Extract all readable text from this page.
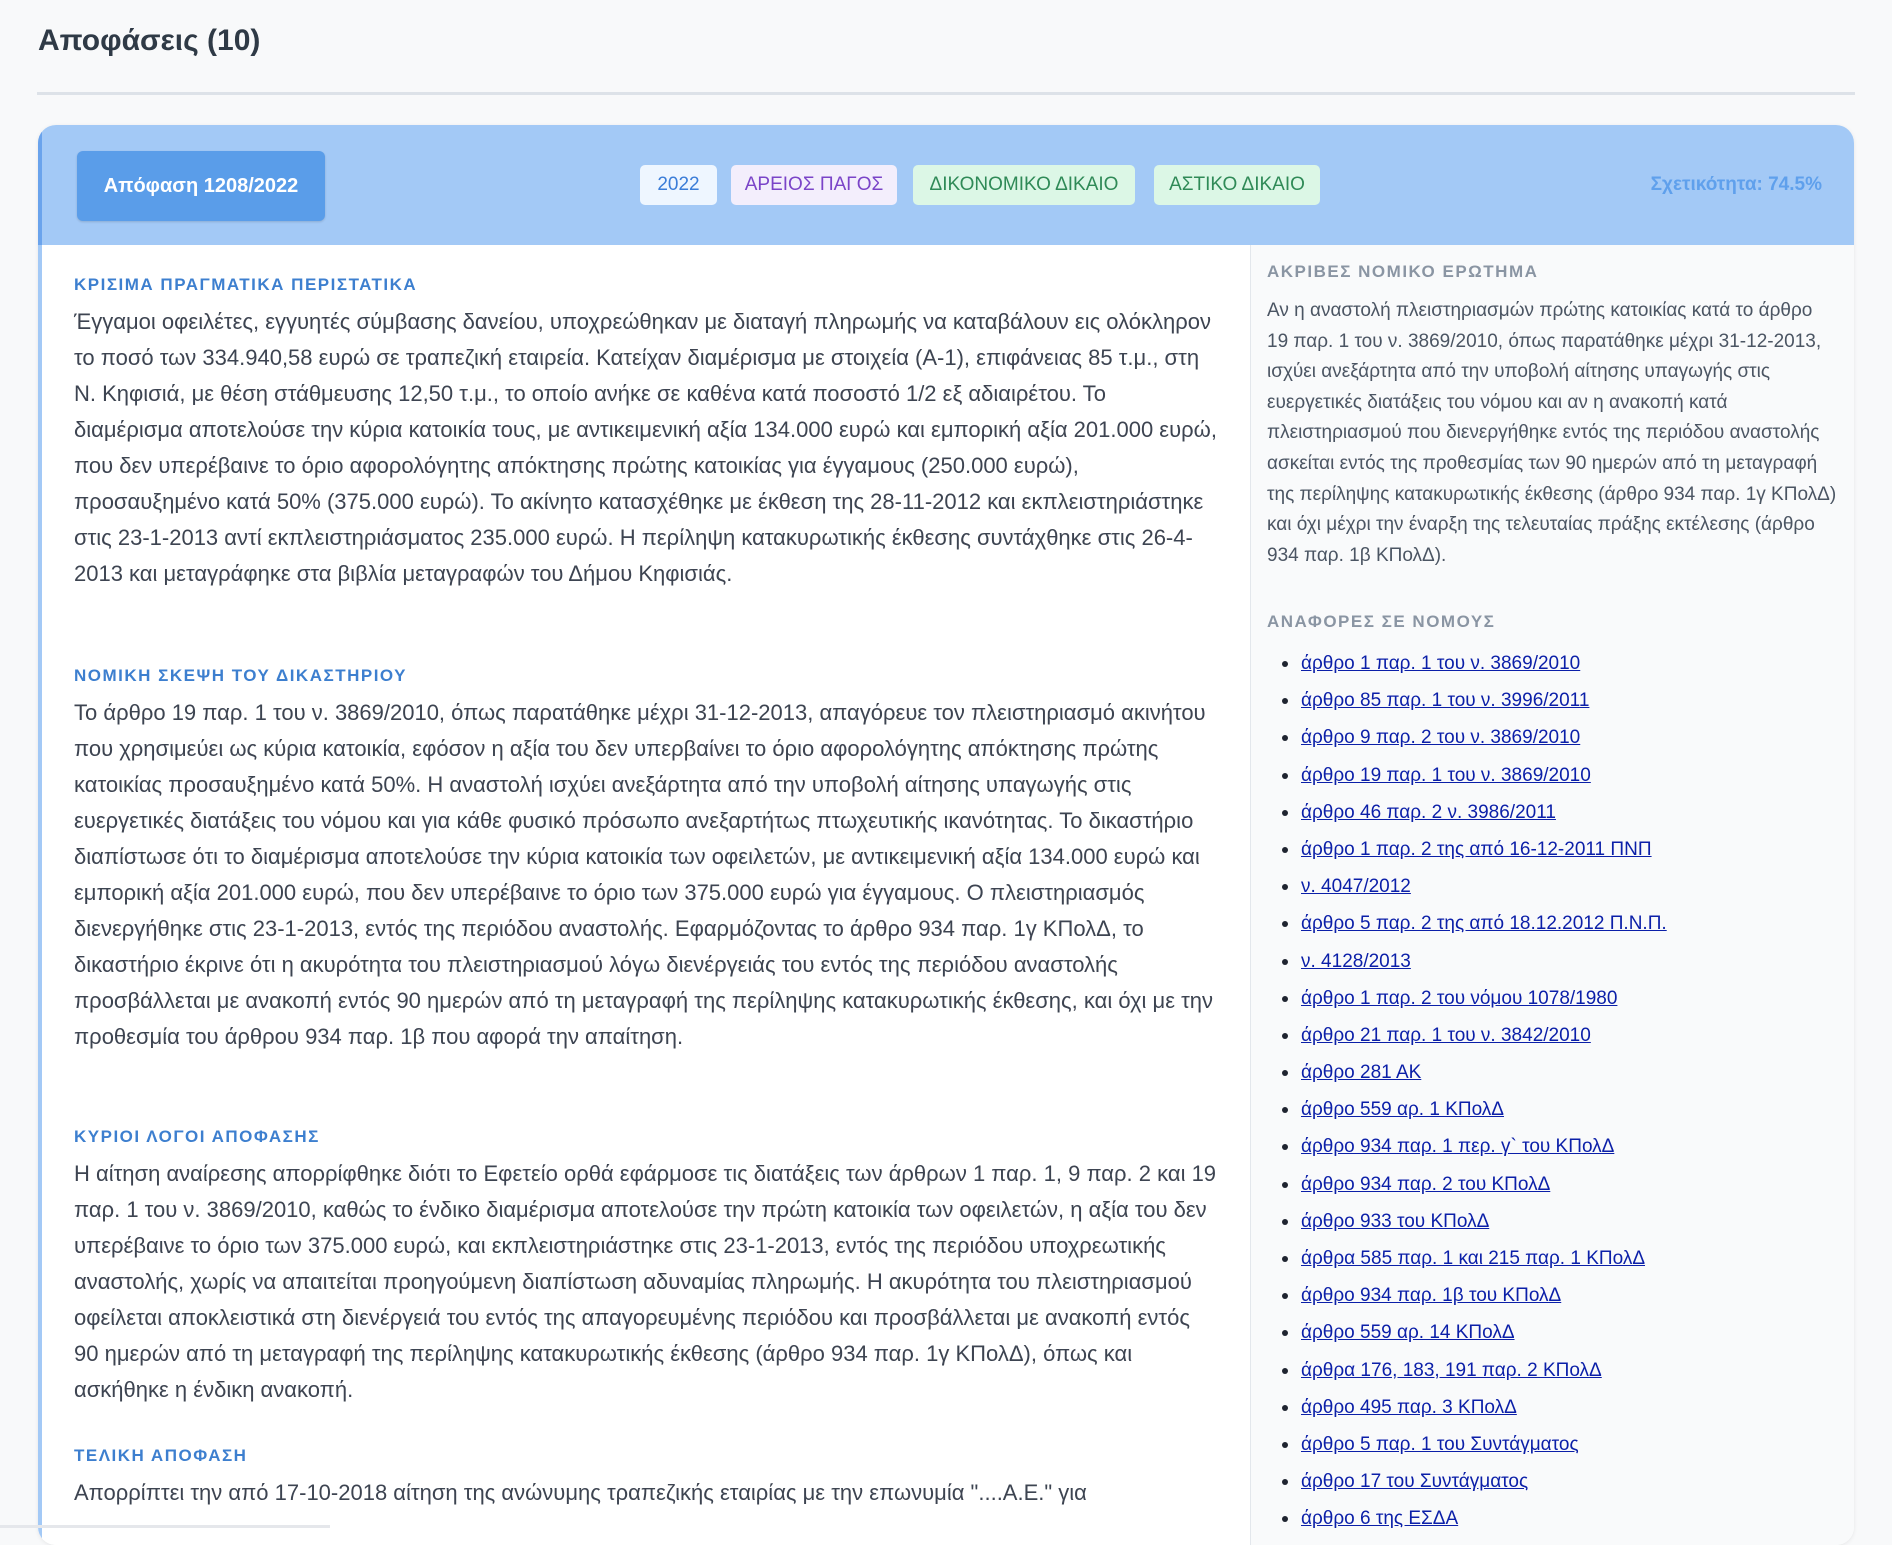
Αποφάσεις (10)
Απόφαση 1208/2022	2022	ΑΡΕΙΟΣ ΠΑΓΟΣ	ΔΙΚΟΝΟΜΙΚΟ ΔΙΚΑΙΟ	ΑΣΤΙΚΟ ΔΙΚΑΙΟ	Σχετικότητα: 74.5%
ΚΡΙΣΙΜΑ ΠΡΑΓΜΑΤΙΚΑ ΠΕΡΙΣΤΑΤΙΚΑ

Έγγαμοι οφειλέτες, εγγυητές σύμβασης δανείου, υποχρεώθηκαν με διαταγή πληρωμής να καταβάλουν εις ολόκληρον το ποσό των 334.940,58 ευρώ σε τραπεζική εταιρεία. Κατείχαν διαμέρισμα με στοιχεία (Α-1), επιφάνειας 85 τ.μ., στη Ν. Κηφισιά, με θέση στάθμευσης 12,50 τ.μ., το οποίο ανήκε σε καθένα κατά ποσοστό 1/2 εξ αδιαιρέτου. Το διαμέρισμα αποτελούσε την κύρια κατοικία τους, με αντικειμενική αξία 134.000 ευρώ και εμπορική αξία 201.000 ευρώ, που δεν υπερέβαινε το όριο αφορολόγητης απόκτησης πρώτης κατοικίας για έγγαμους (250.000 ευρώ), προσαυξημένο κατά 50% (375.000 ευρώ). Το ακίνητο κατασχέθηκε με έκθεση της 28-11-2012 και εκπλειστηριάστηκε στις 23-1-2013 αντί εκπλειστηριάσματος 235.000 ευρώ. Η περίληψη κατακυρωτικής έκθεσης συντάχθηκε στις 26-4-2013 και μεταγράφηκε στα βιβλία μεταγραφών του Δήμου Κηφισιάς.

ΝΟΜΙΚΗ ΣΚΕΨΗ ΤΟΥ ΔΙΚΑΣΤΗΡΙΟΥ

Το άρθρο 19 παρ. 1 του ν. 3869/2010, όπως παρατάθηκε μέχρι 31-12-2013, απαγόρευε τον πλειστηριασμό ακινήτου που χρησιμεύει ως κύρια κατοικία, εφόσον η αξία του δεν υπερβαίνει το όριο αφορολόγητης απόκτησης πρώτης κατοικίας προσαυξημένο κατά 50%. Η αναστολή ισχύει ανεξάρτητα από την υποβολή αίτησης υπαγωγής στις ευεργετικές διατάξεις του νόμου και για κάθε φυσικό πρόσωπο ανεξαρτήτως πτωχευτικής ικανότητας. Το δικαστήριο διαπίστωσε ότι το διαμέρισμα αποτελούσε την κύρια κατοικία των οφειλετών, με αντικειμενική αξία 134.000 ευρώ και εμπορική αξία 201.000 ευρώ, που δεν υπερέβαινε το όριο των 375.000 ευρώ για έγγαμους. Ο πλειστηριασμός διενεργήθηκε στις 23-1-2013, εντός της περιόδου αναστολής. Εφαρμόζοντας το άρθρο 934 παρ. 1γ ΚΠολΔ, το δικαστήριο έκρινε ότι η ακυρότητα του πλειστηριασμού λόγω διενέργειάς του εντός της περιόδου αναστολής προσβάλλεται με ανακοπή εντός 90 ημερών από τη μεταγραφή της περίληψης κατακυρωτικής έκθεσης, και όχι με την προθεσμία του άρθρου 934 παρ. 1β που αφορά την απαίτηση.

ΚΥΡΙΟΙ ΛΟΓΟΙ ΑΠΟΦΑΣΗΣ

Η αίτηση αναίρεσης απορρίφθηκε διότι το Εφετείο ορθά εφάρμοσε τις διατάξεις των άρθρων 1 παρ. 1, 9 παρ. 2 και 19 παρ. 1 του ν. 3869/2010, καθώς το ένδικο διαμέρισμα αποτελούσε την πρώτη κατοικία των οφειλετών, η αξία του δεν υπερέβαινε το όριο των 375.000 ευρώ, και εκπλειστηριάστηκε στις 23-1-2013, εντός της περιόδου υποχρεωτικής αναστολής, χωρίς να απαιτείται προηγούμενη διαπίστωση αδυναμίας πληρωμής. Η ακυρότητα του πλειστηριασμού οφείλεται αποκλειστικά στη διενέργειά του εντός της απαγορευμένης περιόδου και προσβάλλεται με ανακοπή εντός 90 ημερών από τη μεταγραφή της περίληψης κατακυρωτικής έκθεσης (άρθρο 934 παρ. 1γ ΚΠολΔ), όπως και ασκήθηκε η ένδικη ανακοπή.

ΤΕΛΙΚΗ ΑΠΟΦΑΣΗ

Απορρίπτει την από 17-10-2018 αίτηση της ανώνυμης τραπεζικής εταιρίας με την επωνυμία "....Α.Ε." για

ΑΚΡΙΒΕΣ ΝΟΜΙΚΟ ΕΡΩΤΗΜΑ

Αν η αναστολή πλειστηριασμών πρώτης κατοικίας κατά το άρθρο 19 παρ. 1 του ν. 3869/2010, όπως παρατάθηκε μέχρι 31-12-2013, ισχύει ανεξάρτητα από την υποβολή αίτησης υπαγωγής στις ευεργετικές διατάξεις του νόμου και αν η ανακοπή κατά πλειστηριασμού που διενεργήθηκε εντός της περιόδου αναστολής ασκείται εντός της προθεσμίας των 90 ημερών από τη μεταγραφή της περίληψης κατακυρωτικής έκθεσης (άρθρο 934 παρ. 1γ ΚΠολΔ) και όχι μέχρι την έναρξη της τελευταίας πράξης εκτέλεσης (άρθρο 934 παρ. 1β ΚΠολΔ).

ΑΝΑΦΟΡΕΣ ΣΕ ΝΟΜΟΥΣ
άρθρο 1 παρ. 1 του ν. 3869/2010
άρθρο 85 παρ. 1 του ν. 3996/2011
άρθρο 9 παρ. 2 του ν. 3869/2010
άρθρο 19 παρ. 1 του ν. 3869/2010
άρθρο 46 παρ. 2 ν. 3986/2011
άρθρο 1 παρ. 2 της από 16-12-2011 ΠΝΠ
ν. 4047/2012
άρθρο 5 παρ. 2 της από 18.12.2012 Π.Ν.Π.
ν. 4128/2013
άρθρο 1 παρ. 2 του νόμου 1078/1980
άρθρο 21 παρ. 1 του ν. 3842/2010
άρθρο 281 ΑΚ
άρθρο 559 αρ. 1 ΚΠολΔ
άρθρο 934 παρ. 1 περ. γ` του ΚΠολΔ
άρθρο 934 παρ. 2 του ΚΠολΔ
άρθρο 933 του ΚΠολΔ
άρθρα 585 παρ. 1 και 215 παρ. 1 ΚΠολΔ
άρθρο 934 παρ. 1β του ΚΠολΔ
άρθρο 559 αρ. 14 ΚΠολΔ
άρθρα 176, 183, 191 παρ. 2 ΚΠολΔ
άρθρο 495 παρ. 3 ΚΠολΔ
άρθρο 5 παρ. 1 του Συντάγματος
άρθρο 17 του Συντάγματος
άρθρο 6 της ΕΣΔΑ
